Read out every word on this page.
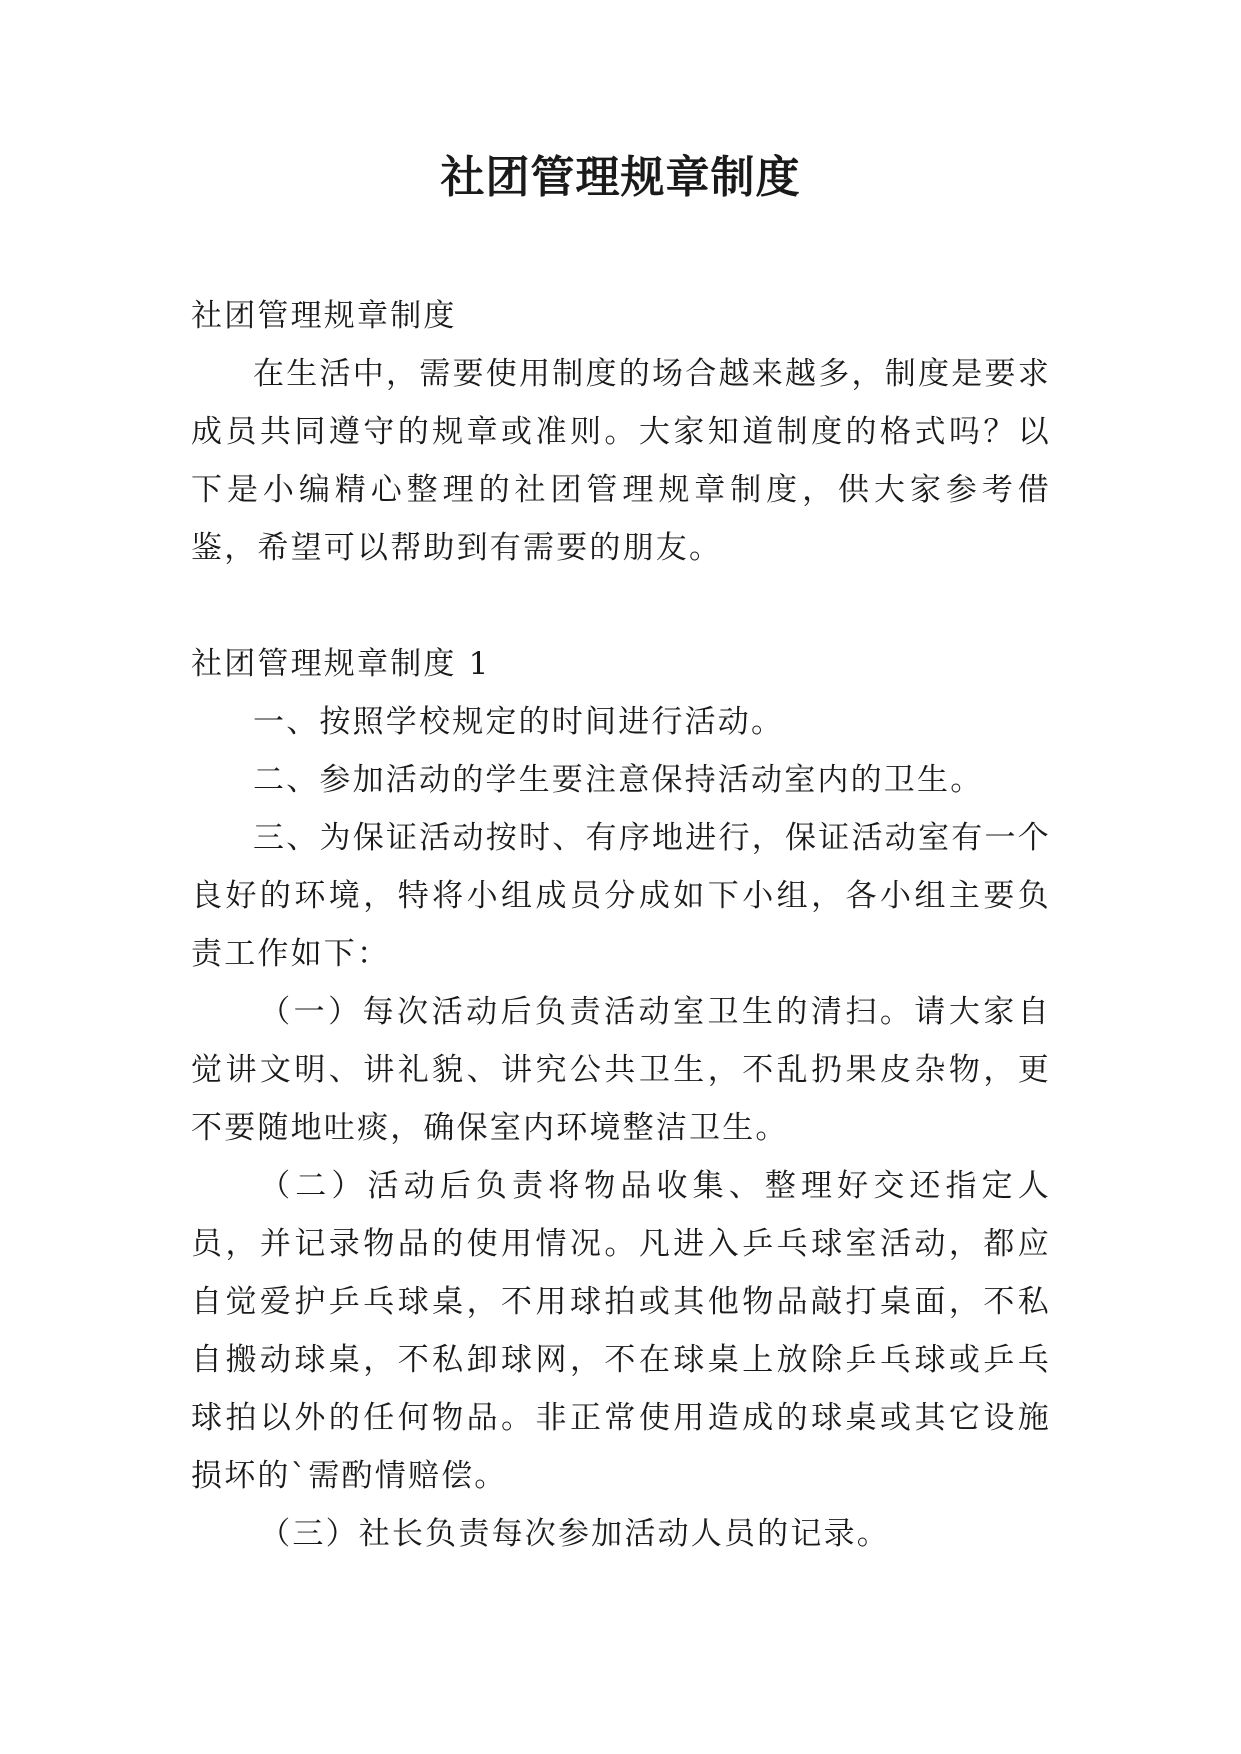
社团管理规章制度

社团管理规章制度

在生活中，需要使用制度的场合越来越多，制度是要求成员共同遵守的规章或准则。大家知道制度的格式吗？以下是小编精心整理的社团管理规章制度，供大家参考借鉴，希望可以帮助到有需要的朋友。

社团管理规章制度 1

一、按照学校规定的时间进行活动。

二、参加活动的学生要注意保持活动室内的卫生。

三、为保证活动按时、有序地进行，保证活动室有一个良好的环境，特将小组成员分成如下小组，各小组主要负责工作如下：

（一）每次活动后负责活动室卫生的清扫。请大家自觉讲文明、讲礼貌、讲究公共卫生，不乱扔果皮杂物，更不要随地吐痰，确保室内环境整洁卫生。

（二）活动后负责将物品收集、整理好交还指定人员，并记录物品的使用情况。凡进入乒乓球室活动，都应自觉爱护乒乓球桌，不用球拍或其他物品敲打桌面，不私自搬动球桌，不私卸球网，不在球桌上放除乒乓球或乒乓球拍以外的任何物品。非正常使用造成的球桌或其它设施损坏的`需酌情赔偿。

（三）社长负责每次参加活动人员的记录。
